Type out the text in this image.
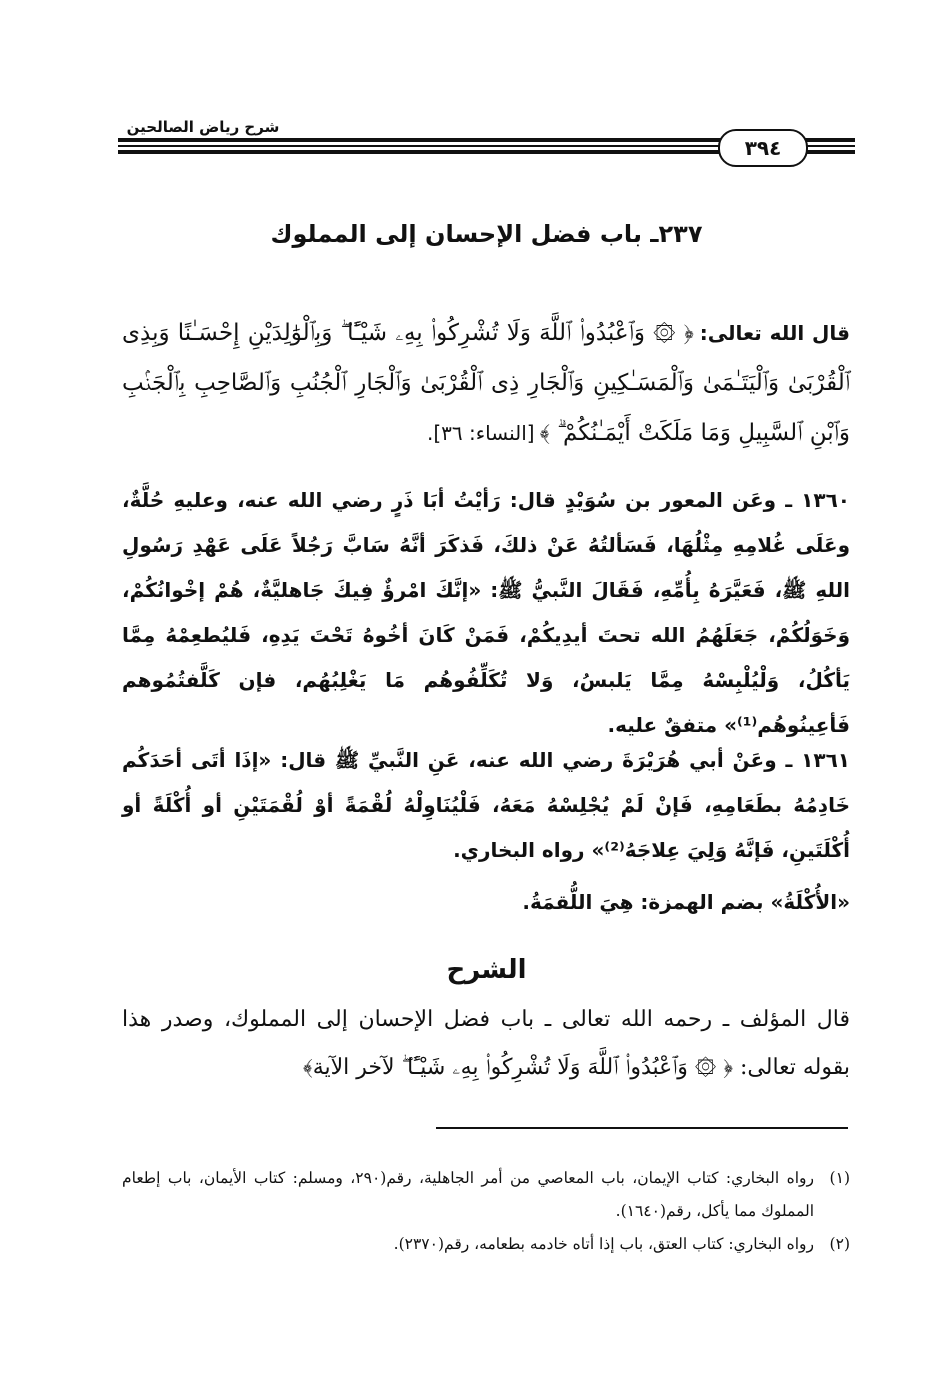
شرح رياض الصالحين
٣٩٤
٢٣٧ـ باب فضل الإحسان إلى المملوك
قال الله تعالى: ﴿ ۞ وَٱعْبُدُوا۟ ٱللَّهَ وَلَا تُشْرِكُوا۟ بِهِۦ شَيْـًٔا ۖ وَبِٱلْوَٰلِدَيْنِ إِحْسَـٰنًا وَبِذِى ٱلْقُرْبَىٰ وَٱلْيَتَـٰمَىٰ وَٱلْمَسَـٰكِينِ وَٱلْجَارِ ذِى ٱلْقُرْبَىٰ وَٱلْجَارِ ٱلْجُنُبِ وَٱلصَّاحِبِ بِٱلْجَنۢبِ وَٱبْنِ ٱلسَّبِيلِ وَمَا مَلَكَتْ أَيْمَـٰنُكُمْ ۗ ﴾ [النساء: ٣٦].
١٣٦٠ ـ وعَن المعور بن سُوَيْدٍ قال: رَأيْتُ أبَا ذَرٍ رضي الله عنه، وعليهِ حُلَّةٌ، وعَلَى غُلامِهِ مِثْلُهَا، فَسَألتُهُ عَنْ ذلكَ، فَذكَرَ أنَّهُ سَابَّ رَجُلاً عَلَى عَهْدِ رَسُولِ اللهِ ﷺ، فَعَيَّرَهُ بِأُمِّهِ، فَقَالَ النَّبيُّ ﷺ: «إنَّكَ امْرؤٌ فِيكَ جَاهليَّةٌ، هُمْ إخْوانُكُمْ، وَخَوَلُكُمْ، جَعَلَهُمُ الله تحتَ أيدِيكُمْ، فَمَنْ كَانَ أخُوهُ تَحْتَ يَدِهِ، فَليُطعِمْهُ مِمَّا يَأكُلُ، وَلْيُلْبِسْهُ مِمَّا يَلبسُ، وَلا تُكَلِّفُوهُم مَا يَغْلِبُهُم، فإن كَلَّفتُمُوهم فَأعِينُوهُم⁽¹⁾» متفقٌ عليه.
١٣٦١ ـ وعَنْ أبي هُرَيْرَةَ رضي الله عنه، عَنِ النَّبيِّ ﷺ قال: «إذَا أتَى أحَدَكُم خَادِمُهُ بطَعَامِهِ، فَإنْ لَمْ يُجْلِسْهُ مَعَهُ، فَلْيُنَاوِلْهُ لُقْمَةً أوْ لُقْمَتَيْنِ أو أُكْلَةً أو أُكْلَتَينِ، فَإنَّهُ وَلِيَ عِلاجَهُ⁽²⁾» رواه البخاري.
«الأُكْلَةُ» بضم الهمزة: هِيَ اللُّقمَةُ.
الشرح
قال المؤلف ـ رحمه الله تعالى ـ باب فضل الإحسان إلى المملوك، وصدر هذا بقوله تعالى: ﴿ ۞ وَٱعْبُدُوا۟ ٱللَّهَ وَلَا تُشْرِكُوا۟ بِهِۦ شَيْـًٔا ۖ لآخر الآية﴾
(١)
رواه البخاري: كتاب الإيمان، باب المعاصي من أمر الجاهلية، رقم(٢٩٠، ومسلم: كتاب الأيمان، باب إطعام المملوك مما يأكل، رقم(١٦٤٠).
(٢)
رواه البخاري: كتاب العتق، باب إذا أتاه خادمه بطعامه، رقم(٢٣٧٠).
